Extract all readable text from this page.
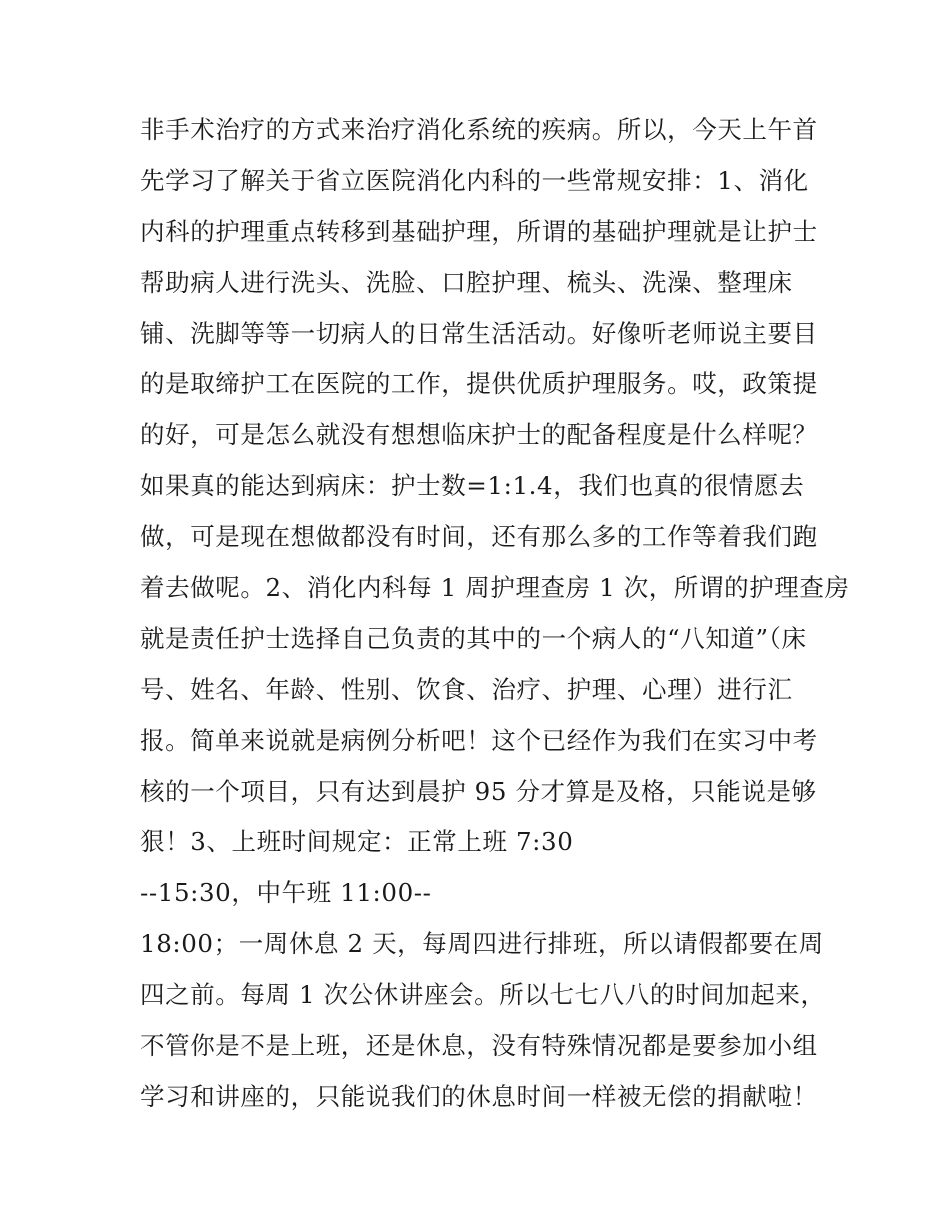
非手术治疗的方式来治疗消化系统的疾病。所以，今天上午首
先学习了解关于省立医院消化内科的一些常规安排：1、消化
内科的护理重点转移到基础护理，所谓的基础护理就是让护士
帮助病人进行洗头、洗脸、口腔护理、梳头、洗澡、整理床
铺、洗脚等等一切病人的日常生活活动。好像听老师说主要目
的是取缔护工在医院的工作，提供优质护理服务。哎，政策提
的好，可是怎么就没有想想临床护士的配备程度是什么样呢？
如果真的能达到病床：护士数=1:1.4，我们也真的很情愿去
做，可是现在想做都没有时间，还有那么多的工作等着我们跑
着去做呢。2、消化内科每 1 周护理查房 1 次，所谓的护理查房
就是责任护士选择自己负责的其中的一个病人的“八知道”（床
号、姓名、年龄、性别、饮食、治疗、护理、心理）进行汇
报。简单来说就是病例分析吧！这个已经作为我们在实习中考
核的一个项目，只有达到晨护 95 分才算是及格，只能说是够
狠！3、上班时间规定：正常上班 7:30
--15:30，中午班 11:00--
18:00；一周休息 2 天，每周四进行排班，所以请假都要在周
四之前。每周 1 次公休讲座会。所以七七八八的时间加起来，
不管你是不是上班，还是休息，没有特殊情况都是要参加小组
学习和讲座的，只能说我们的休息时间一样被无偿的捐献啦！
